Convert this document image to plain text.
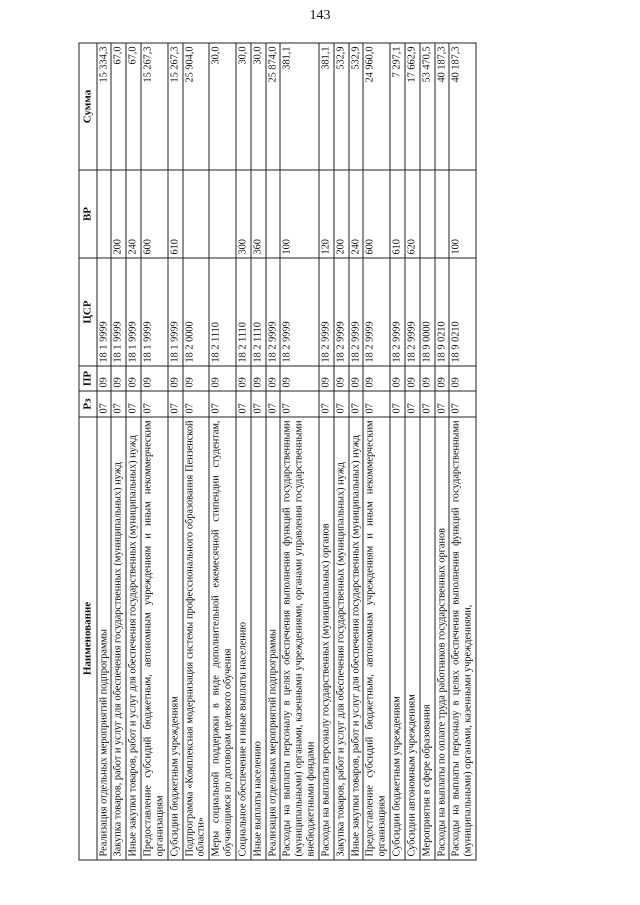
143
Наименование	Рз	ПР	ЦСР	ВР	Сумма
Реализация отдельных мероприятий подпрограммы	07	09	18 1 9999		15 334,3
Закупка товаров, работ и услуг для обеспечения государственных (муниципальных) нужд	07	09	18 1 9999	200	67,0
Иные закупки товаров, работ и услуг для обеспечения государственных (муниципальных) нужд	07	09	18 1 9999	240	67,0
Предоставление субсидий бюджетным, автономным учреждениям и иным некоммерческим организациям	07	09	18 1 9999	600	15 267,3
Субсидии бюджетным учреждениям	07	09	18 1 9999	610	15 267,3
Подпрограмма «Комплексная модернизация системы профессионального образования Пензенской области»	07	09	18 2 0000		25 904,0
Меры социальной поддержки в виде дополнительной ежемесячной стипендии студентам, обучающимся по договорам целевого обучения	07	09	18 2 1110		30,0
Социальное обеспечение и иные выплаты населению	07	09	18 2 1110	300	30,0
Иные выплаты населению	07	09	18 2 1110	360	30,0
Реализация отдельных мероприятий подпрограммы	07	09	18 2 9999		25 874,0
Расходы на выплаты персоналу в целях обеспечения выполнения функций государственными (муниципальными) органами, казенными учреждениями, органами управления государственными внебюджетными фондами	07	09	18 2 9999	100	381,1
Расходы на выплаты персоналу государственных (муниципальных) органов	07	09	18 2 9999	120	381,1
Закупка товаров, работ и услуг для обеспечения государственных (муниципальных) нужд	07	09	18 2 9999	200	532,9
Иные закупки товаров, работ и услуг для обеспечения государственных (муниципальных) нужд	07	09	18 2 9999	240	532,9
Предоставление субсидий бюджетным, автономным учреждениям и иным некоммерческим организациям	07	09	18 2 9999	600	24 960,0
Субсидии бюджетным учреждениям	07	09	18 2 9999	610	7 297,1
Субсидии автономным учреждениям	07	09	18 2 9999	620	17 662,9
Мероприятия в сфере образования	07	09	18 9 0000		53 470,5
Расходы на выплаты по оплате труда работников государственных органов	07	09	18 9 0210		40 187,3
Расходы на выплаты персоналу в целях обеспечения выполнения функций государственными (муниципальными) органами, казенными учреждениями,	07	09	18 9 0210	100	40 187,3
